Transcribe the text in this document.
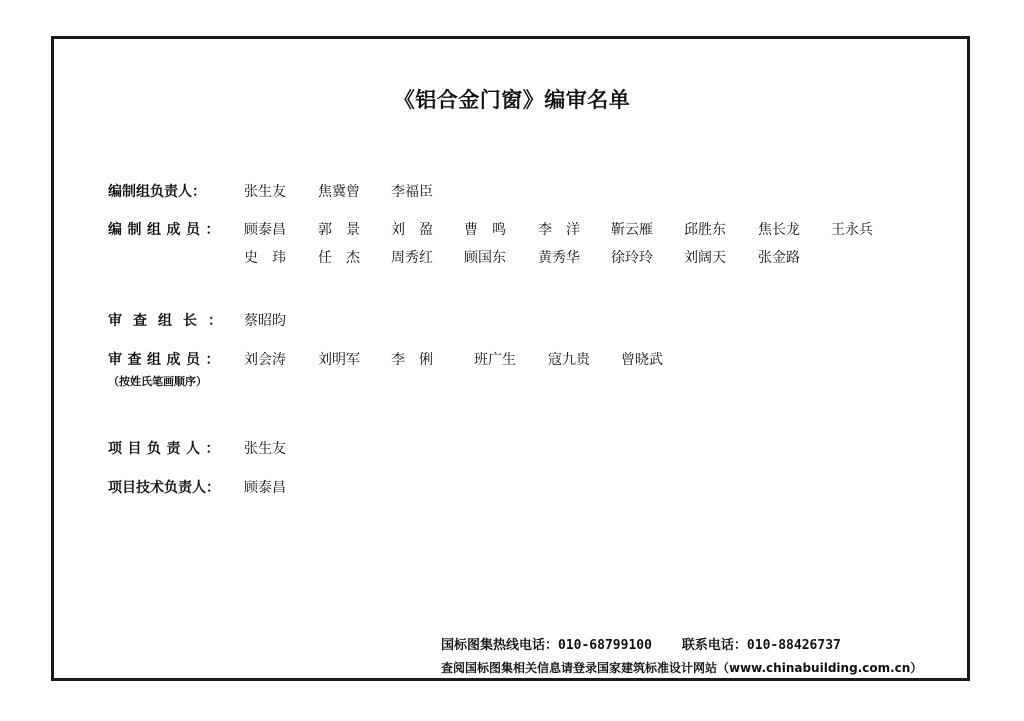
《铝合金门窗》编审名单
编制组负责人：	张生友 焦冀曾 李福臣
编制组成员： 顾泰昌 郭　景 刘　盈 曹　鸣 李　洋 靳云雁 邱胜东 焦长龙 王永兵
史　玮 任　杰 周秀红 顾国东 黄秀华 徐玲玲 刘阔天 张金路
审查组长： 蔡昭昀
审查组成员：
（按姓氏笔画顺序）
刘会涛 刘明军 李　俐	班广生 寇九贵 曾晓武
项目负责人： 张生友
项目技术负责人： 顾泰昌
国标图集热线电话：010-68799100 联系电话：010-88426737
查阅国标图集相关信息请登录国家建筑标准设计网站（www.chinabuilding.com.cn）
